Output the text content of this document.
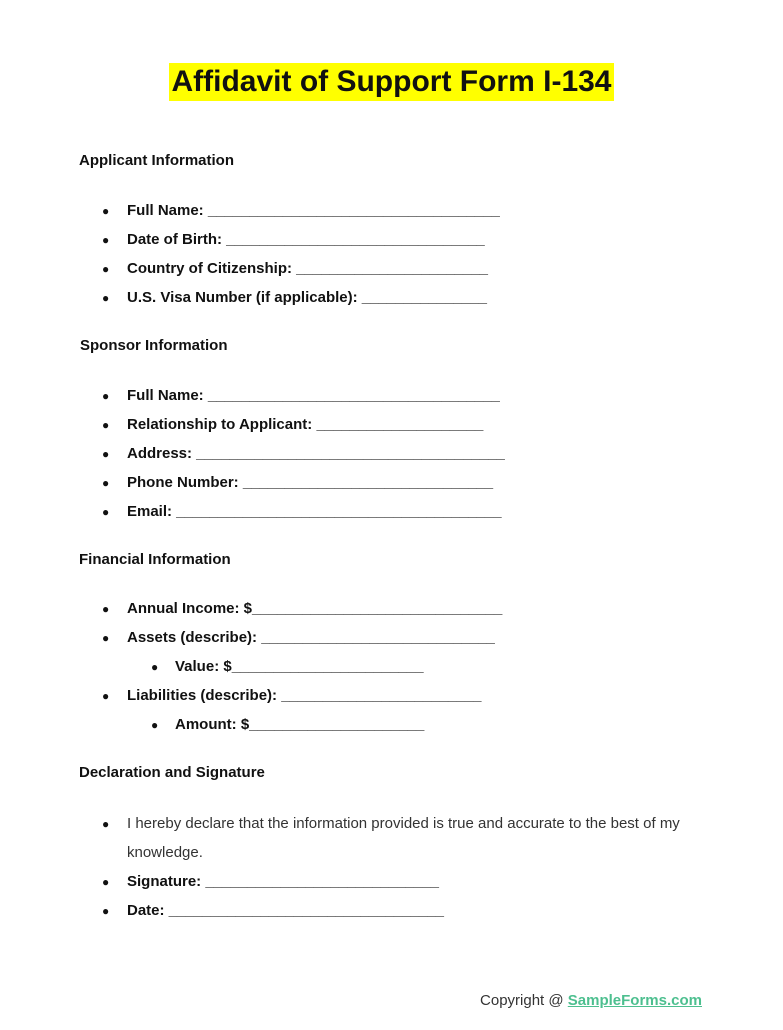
Affidavit of Support Form I-134
Applicant Information
● Full Name: ___________________________________
● Date of Birth: _______________________________
● Country of Citizenship: _______________________
● U.S. Visa Number (if applicable): _______________
Sponsor Information
● Full Name: ___________________________________
● Relationship to Applicant: ____________________
● Address: _____________________________________
● Phone Number: ______________________________
● Email: _______________________________________
Financial Information
● Annual Income: $______________________________
● Assets (describe): ____________________________
● Value: $_______________________
● Liabilities (describe): ________________________
● Amount: $_____________________
Declaration and Signature
● I hereby declare that the information provided is true and accurate to the best of my knowledge.
● Signature: ____________________________
● Date: _________________________________
Copyright @ SampleForms.com
